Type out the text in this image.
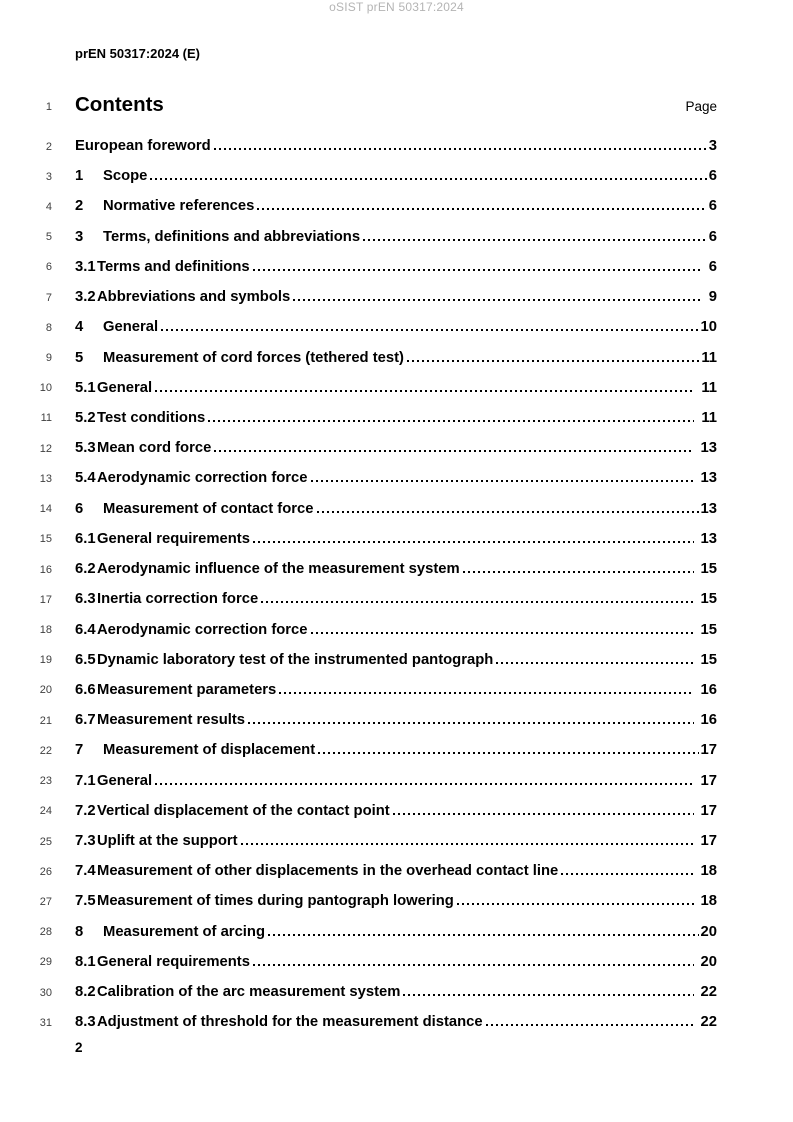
oSIST prEN 50317:2024
prEN 50317:2024 (E)
1 Contents	Page
2 European foreword	3
3 1	Scope	6
4 2	Normative references	6
5 3	Terms, definitions and abbreviations	6
6 3.1 Terms and definitions	6
7 3.2 Abbreviations and symbols	9
8 4	General	10
9 5	Measurement of cord forces (tethered test)	11
10 5.1 General	11
11 5.2 Test conditions	11
12 5.3 Mean cord force	13
13 5.4 Aerodynamic correction force	13
14 6	Measurement of contact force	13
15 6.1 General requirements	13
16 6.2 Aerodynamic influence of the measurement system	15
17 6.3 Inertia correction force	15
18 6.4 Aerodynamic correction force	15
19 6.5 Dynamic laboratory test of the instrumented pantograph	15
20 6.6 Measurement parameters	16
21 6.7 Measurement results	16
22 7	Measurement of displacement	17
23 7.1 General	17
24 7.2 Vertical displacement of the contact point	17
25 7.3 Uplift at the support	17
26 7.4 Measurement of other displacements in the overhead contact line	18
27 7.5 Measurement of times during pantograph lowering	18
28 8	Measurement of arcing	20
29 8.1 General requirements	20
30 8.2 Calibration of the arc measurement system	22
31 8.3 Adjustment of threshold for the measurement distance	22
2
